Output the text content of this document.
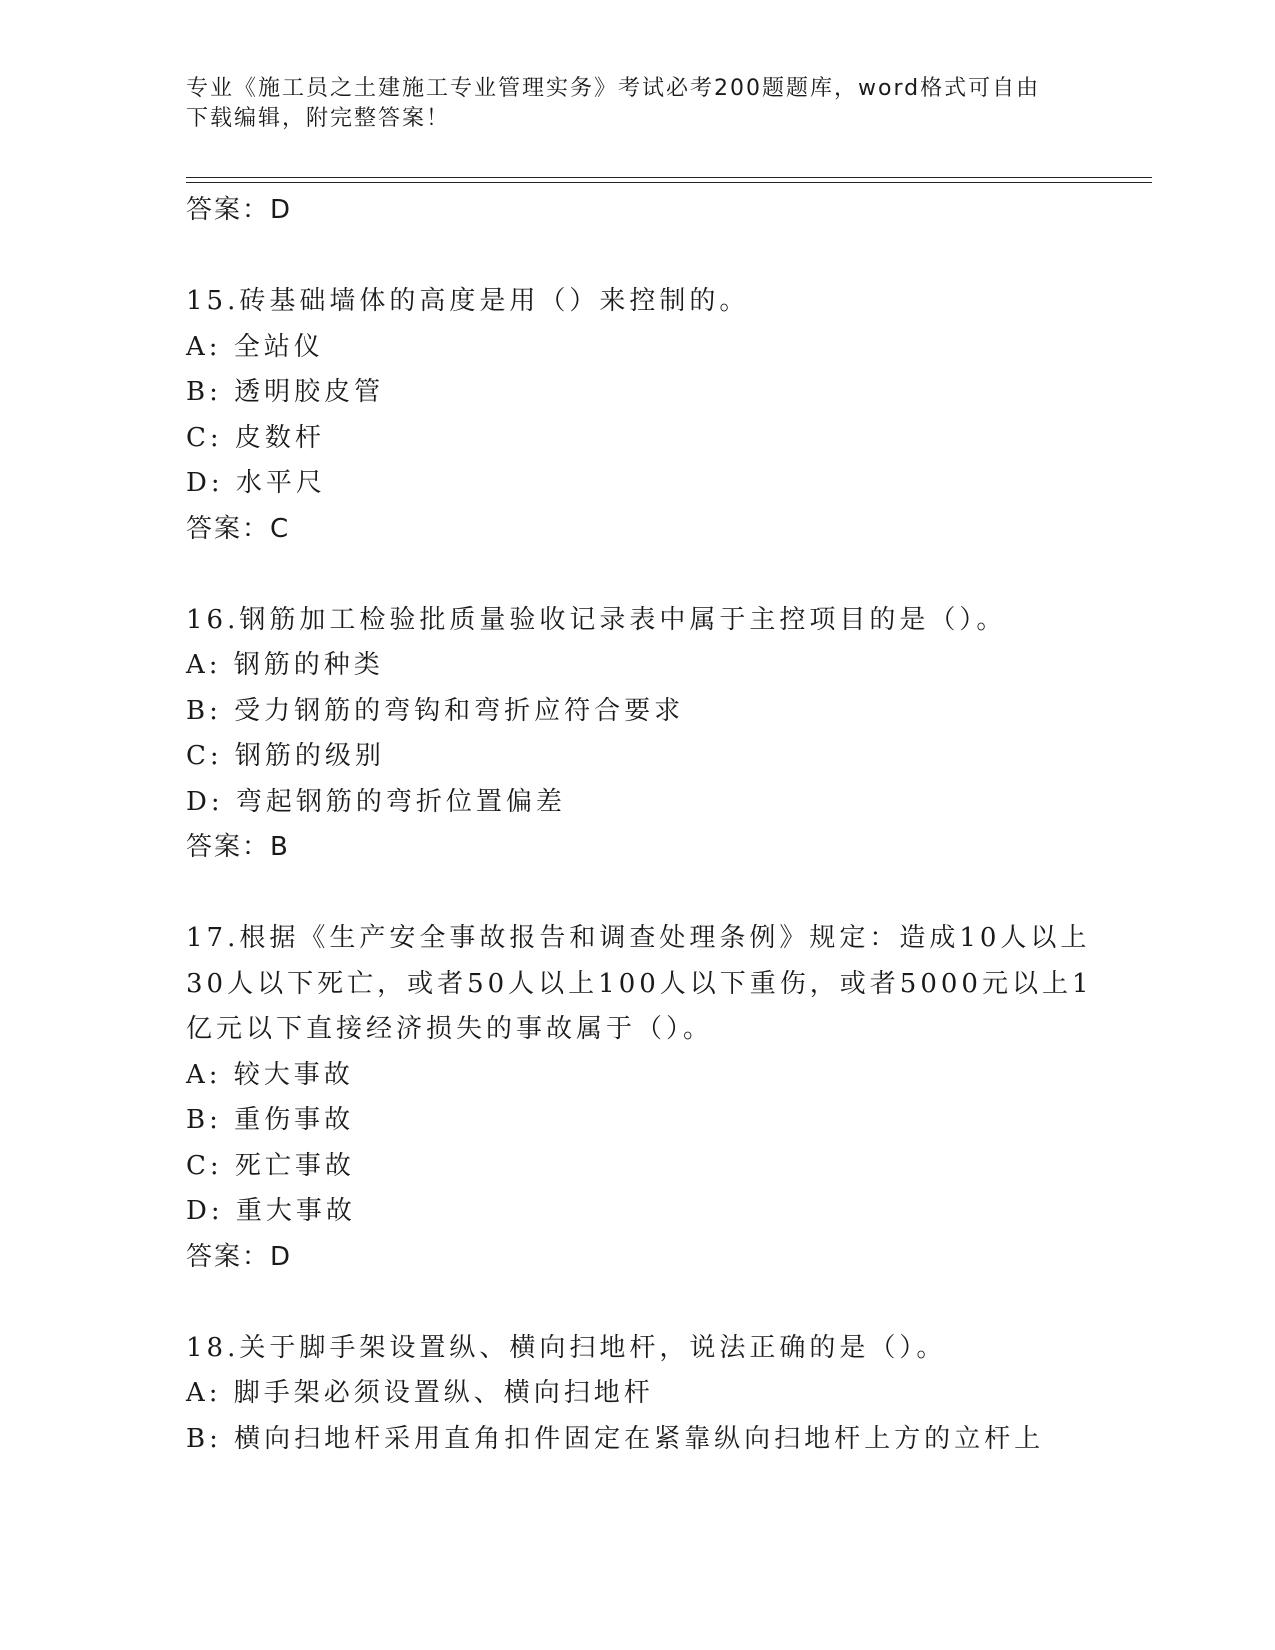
专业《施工员之土建施工专业管理实务》考试必考200题题库，word格式可自由
下载编辑，附完整答案！
答案：D
15.砖基础墙体的高度是用（）来控制的。
A: 全站仪
B: 透明胶皮管
C: 皮数杆
D: 水平尺
答案：C
16.钢筋加工检验批质量验收记录表中属于主控项目的是（）。
A: 钢筋的种类
B: 受力钢筋的弯钩和弯折应符合要求
C: 钢筋的级别
D: 弯起钢筋的弯折位置偏差
答案：B
17.根据《生产安全事故报告和调查处理条例》规定：造成10人以上
30人以下死亡，或者50人以上100人以下重伤，或者5000元以上1
亿元以下直接经济损失的事故属于（）。
A: 较大事故
B: 重伤事故
C: 死亡事故
D: 重大事故
答案：D
18.关于脚手架设置纵、横向扫地杆，说法正确的是（）。
A: 脚手架必须设置纵、横向扫地杆
B: 横向扫地杆采用直角扣件固定在紧靠纵向扫地杆上方的立杆上
